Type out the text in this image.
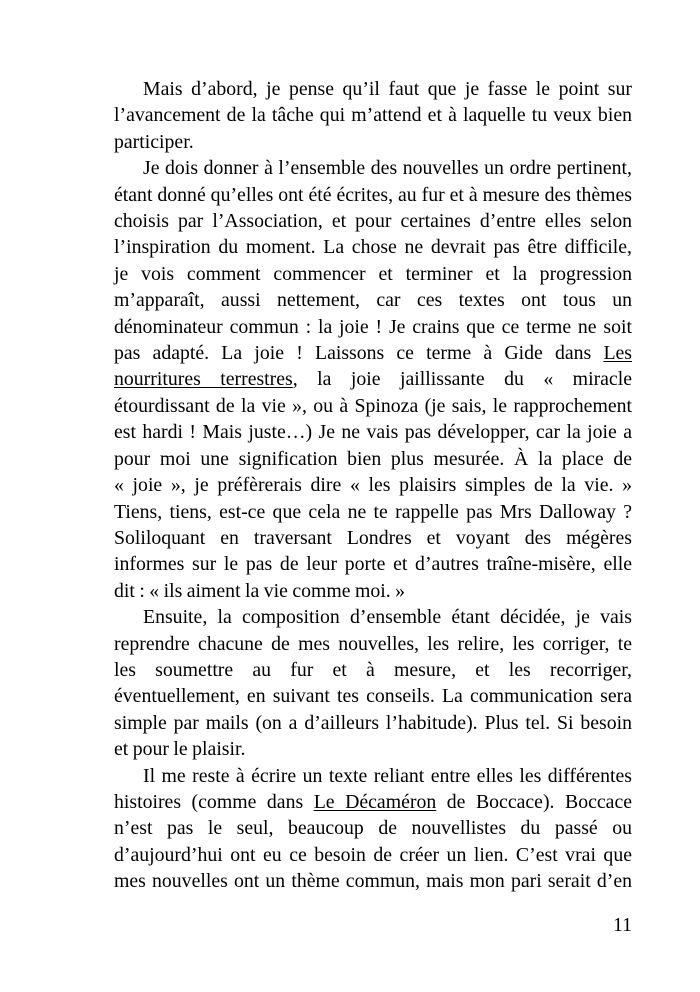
Mais d’abord, je pense qu’il faut que je fasse le point sur
l’avancement de la tâche qui m’attend et à laquelle tu veux bien
participer.
Je dois donner à l’ensemble des nouvelles un ordre pertinent,
étant donné qu’elles ont été écrites, au fur et à mesure des thèmes
choisis par l’Association, et pour certaines d’entre elles selon
l’inspiration du moment. La chose ne devrait pas être difficile,
je vois comment commencer et terminer et la progression
m’apparaît, aussi nettement, car ces textes ont tous un
dénominateur commun : la joie ! Je crains que ce terme ne soit
pas adapté. La joie ! Laissons ce terme à Gide dans Les
nourritures terrestres, la joie jaillissante du « miracle
étourdissant de la vie », ou à Spinoza (je sais, le rapprochement
est hardi ! Mais juste…) Je ne vais pas développer, car la joie a
pour moi une signification bien plus mesurée. À la place de
« joie », je préfèrerais dire « les plaisirs simples de la vie. »
Tiens, tiens, est-ce que cela ne te rappelle pas Mrs Dalloway ?
Soliloquant en traversant Londres et voyant des mégères
informes sur le pas de leur porte et d’autres traîne-misère, elle
dit : « ils aiment la vie comme moi. »
Ensuite, la composition d’ensemble étant décidée, je vais
reprendre chacune de mes nouvelles, les relire, les corriger, te
les soumettre au fur et à mesure, et les recorriger,
éventuellement, en suivant tes conseils. La communication sera
simple par mails (on a d’ailleurs l’habitude). Plus tel. Si besoin
et pour le plaisir.
Il me reste à écrire un texte reliant entre elles les différentes
histoires (comme dans Le Décaméron de Boccace). Boccace
n’est pas le seul, beaucoup de nouvellistes du passé ou
d’aujourd’hui ont eu ce besoin de créer un lien. C’est vrai que
mes nouvelles ont un thème commun, mais mon pari serait d’en
11
